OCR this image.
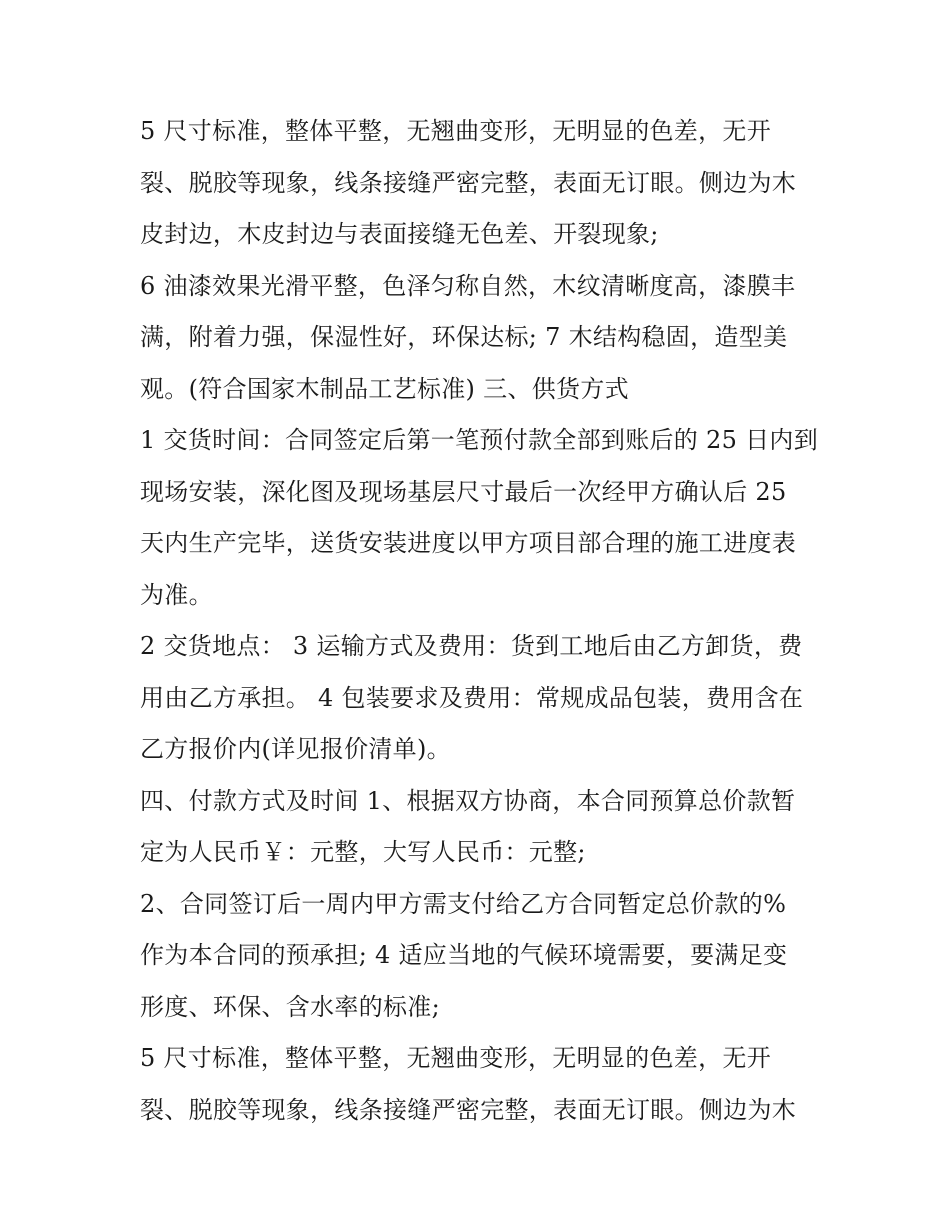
5 尺寸标准，整体平整，无翘曲变形，无明显的色差，无开
裂、脱胶等现象，线条接缝严密完整，表面无订眼。侧边为木
皮封边，木皮封边与表面接缝无色差、开裂现象;

6 油漆效果光滑平整，色泽匀称自然，木纹清晰度高，漆膜丰
满，附着力强，保湿性好，环保达标; 7 木结构稳固，造型美
观。(符合国家木制品工艺标准) 三、供货方式

1 交货时间：合同签定后第一笔预付款全部到账后的 25 日内到
现场安装，深化图及现场基层尺寸最后一次经甲方确认后 25
天内生产完毕，送货安装进度以甲方项目部合理的施工进度表
为准。

2 交货地点： 3 运输方式及费用：货到工地后由乙方卸货，费
用由乙方承担。 4 包装要求及费用：常规成品包装，费用含在
乙方报价内(详见报价清单)。

四、付款方式及时间 1、根据双方协商，本合同预算总价款暂
定为人民币￥：元整，大写人民币：元整;

2、合同签订后一周内甲方需支付给乙方合同暂定总价款的%
作为本合同的预承担; 4 适应当地的气候环境需要，要满足变
形度、环保、含水率的标准;

5 尺寸标准，整体平整，无翘曲变形，无明显的色差，无开
裂、脱胶等现象，线条接缝严密完整，表面无订眼。侧边为木
